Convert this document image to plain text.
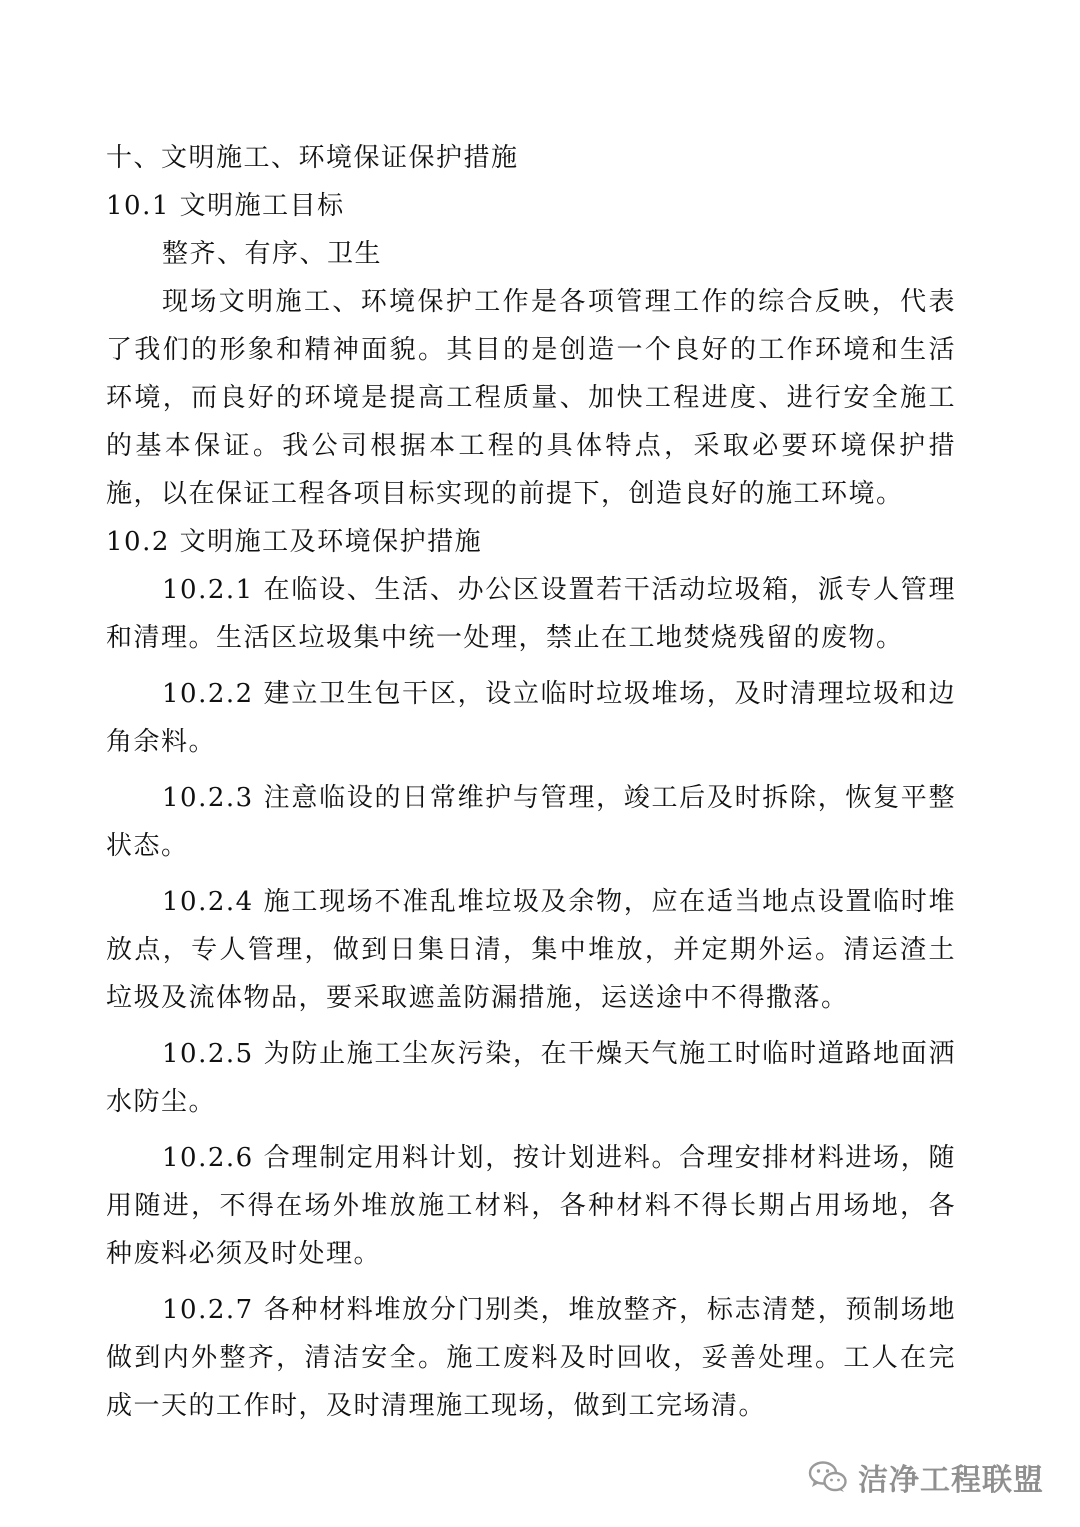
十、文明施工、环境保证保护措施
10.1 文明施工目标
整齐、有序、卫生

现场文明施工、环境保护工作是各项管理工作的综合反映，代表了我们的形象和精神面貌。其目的是创造一个良好的工作环境和生活环境，而良好的环境是提高工程质量、加快工程进度、进行安全施工的基本保证。我公司根据本工程的具体特点，采取必要环境保护措施，以在保证工程各项目标实现的前提下，创造良好的施工环境。

10.2 文明施工及环境保护措施

10.2.1 在临设、生活、办公区设置若干活动垃圾箱，派专人管理和清理。生活区垃圾集中统一处理，禁止在工地焚烧残留的废物。

10.2.2 建立卫生包干区，设立临时垃圾堆场，及时清理垃圾和边角余料。

10.2.3 注意临设的日常维护与管理，竣工后及时拆除，恢复平整状态。

10.2.4 施工现场不准乱堆垃圾及余物，应在适当地点设置临时堆放点，专人管理，做到日集日清，集中堆放，并定期外运。清运渣土垃圾及流体物品，要采取遮盖防漏措施，运送途中不得撒落。

10.2.5 为防止施工尘灰污染，在干燥天气施工时临时道路地面洒水防尘。

10.2.6 合理制定用料计划，按计划进料。合理安排材料进场，随用随进，不得在场外堆放施工材料，各种材料不得长期占用场地，各种废料必须及时处理。

10.2.7 各种材料堆放分门别类，堆放整齐，标志清楚，预制场地做到内外整齐，清洁安全。施工废料及时回收，妥善处理。工人在完成一天的工作时，及时清理施工现场，做到工完场清。

洁净工程联盟
